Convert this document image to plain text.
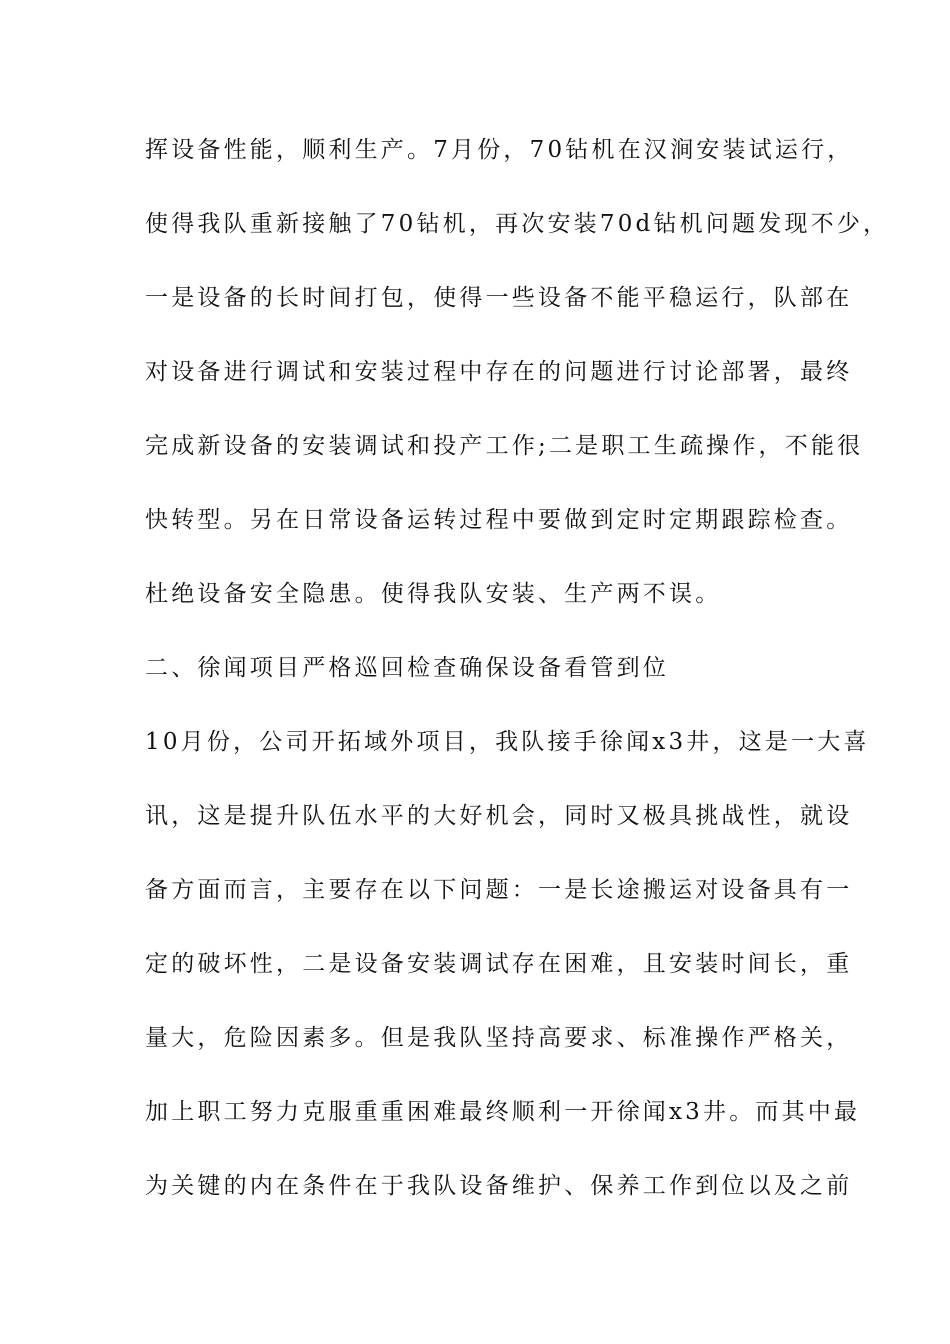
挥设备性能，顺利生产。7月份，70钻机在汉涧安装试运行，
使得我队重新接触了70钻机，再次安装70d钻机问题发现不少，
一是设备的长时间打包，使得一些设备不能平稳运行，队部在
对设备进行调试和安装过程中存在的问题进行讨论部署，最终
完成新设备的安装调试和投产工作;二是职工生疏操作，不能很
快转型。另在日常设备运转过程中要做到定时定期跟踪检查。
杜绝设备安全隐患。使得我队安装、生产两不误。
二、徐闻项目严格巡回检查确保设备看管到位
10月份，公司开拓域外项目，我队接手徐闻x3井，这是一大喜
讯，这是提升队伍水平的大好机会，同时又极具挑战性，就设
备方面而言，主要存在以下问题：一是长途搬运对设备具有一
定的破坏性，二是设备安装调试存在困难，且安装时间长，重
量大，危险因素多。但是我队坚持高要求、标准操作严格关，
加上职工努力克服重重困难最终顺利一开徐闻x3井。而其中最
为关键的内在条件在于我队设备维护、保养工作到位以及之前
